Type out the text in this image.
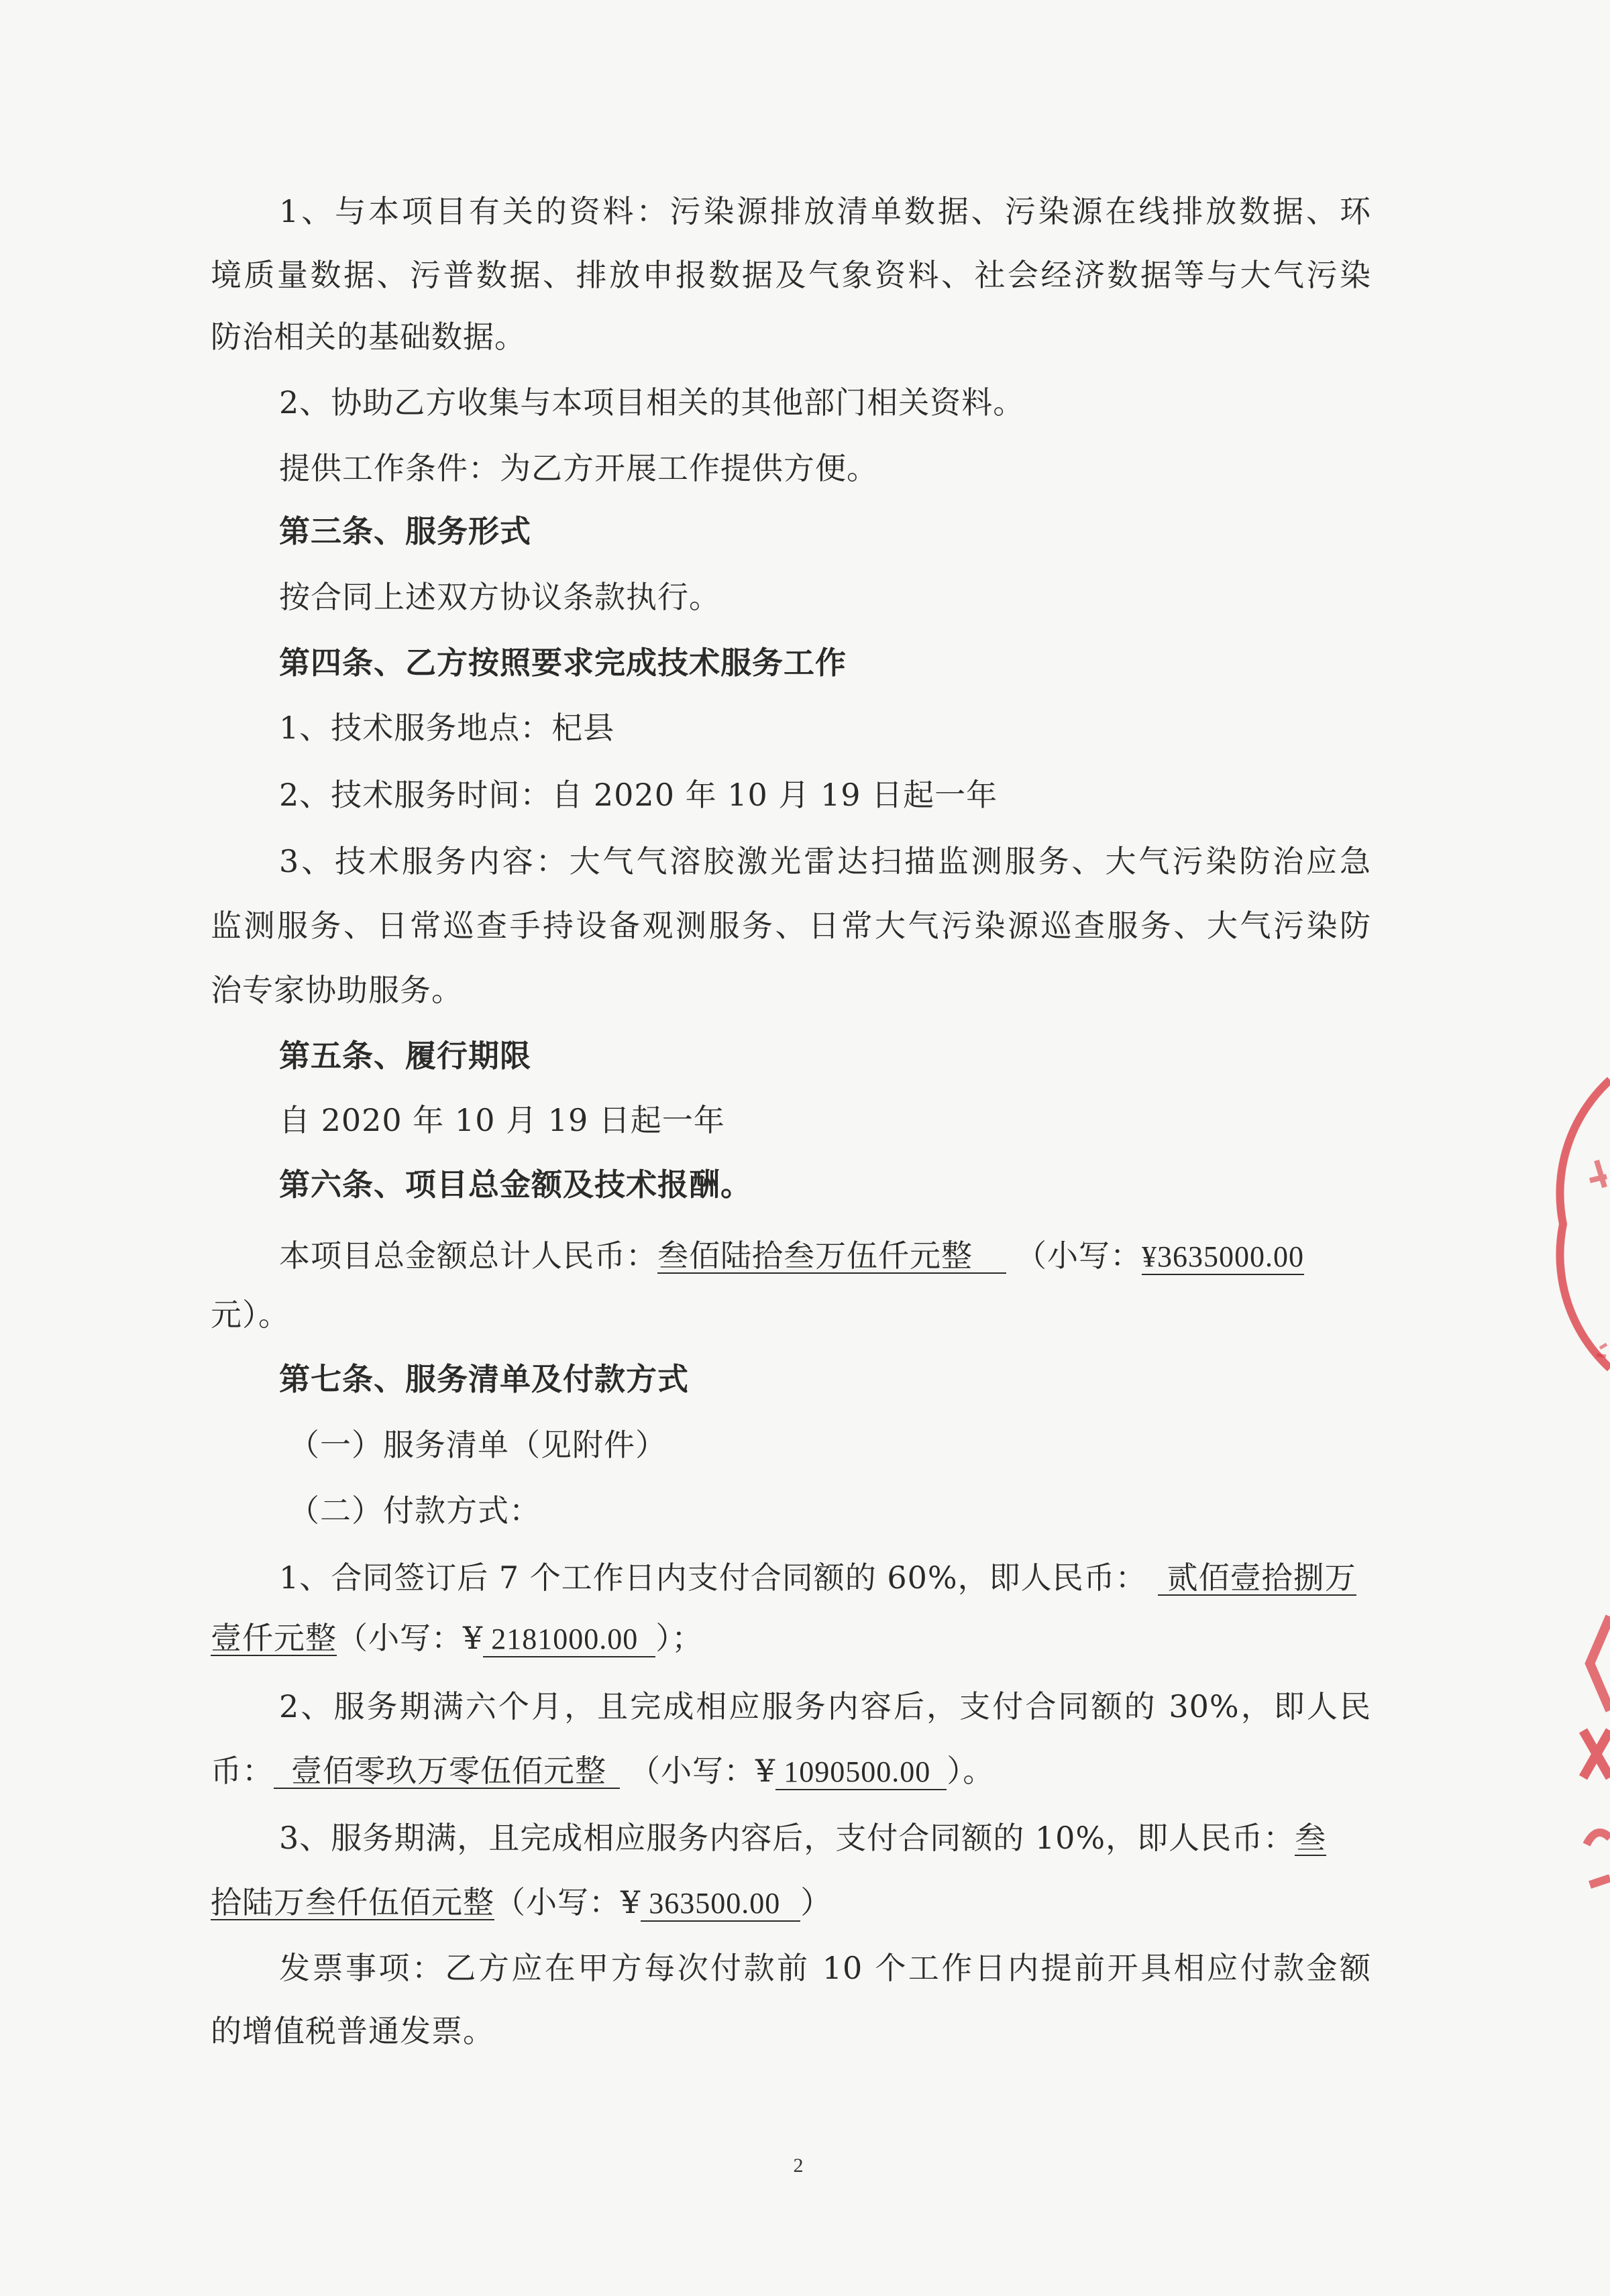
1、与本项目有关的资料：污染源排放清单数据、污染源在线排放数据、环
境质量数据、污普数据、排放申报数据及气象资料、社会经济数据等与大气污染
防治相关的基础数据。
2、协助乙方收集与本项目相关的其他部门相关资料。
提供工作条件：为乙方开展工作提供方便。
第三条、服务形式
按合同上述双方协议条款执行。
第四条、乙方按照要求完成技术服务工作
1、技术服务地点：杞县
2、技术服务时间：自 2020 年 10 月 19 日起一年
3、技术服务内容：大气气溶胶激光雷达扫描监测服务、大气污染防治应急
监测服务、日常巡查手持设备观测服务、日常大气污染源巡查服务、大气污染防
治专家协助服务。
第五条、履行期限
自 2020 年 10 月 19 日起一年
第六条、项目总金额及技术报酬。
本项目总金额总计人民币：叁佰陆拾叁万伍仟元整 （小写：¥3635000.00
元）。
第七条、服务清单及付款方式
（一）服务清单（见附件）
（二）付款方式：
1、合同签订后 7 个工作日内支付合同额的 60%，即人民币： 贰佰壹拾捌万
壹仟元整（小写：¥ 2181000.00 ）；
2、服务期满六个月，且完成相应服务内容后，支付合同额的 30%，即人民
币： 壹佰零玖万零伍佰元整 （小写：¥ 1090500.00 ）。
3、服务期满，且完成相应服务内容后，支付合同额的 10%，即人民币：叁
拾陆万叁仟伍佰元整（小写：¥ 363500.00 ）
发票事项：乙方应在甲方每次付款前 10 个工作日内提前开具相应付款金额
的增值税普通发票。
2
